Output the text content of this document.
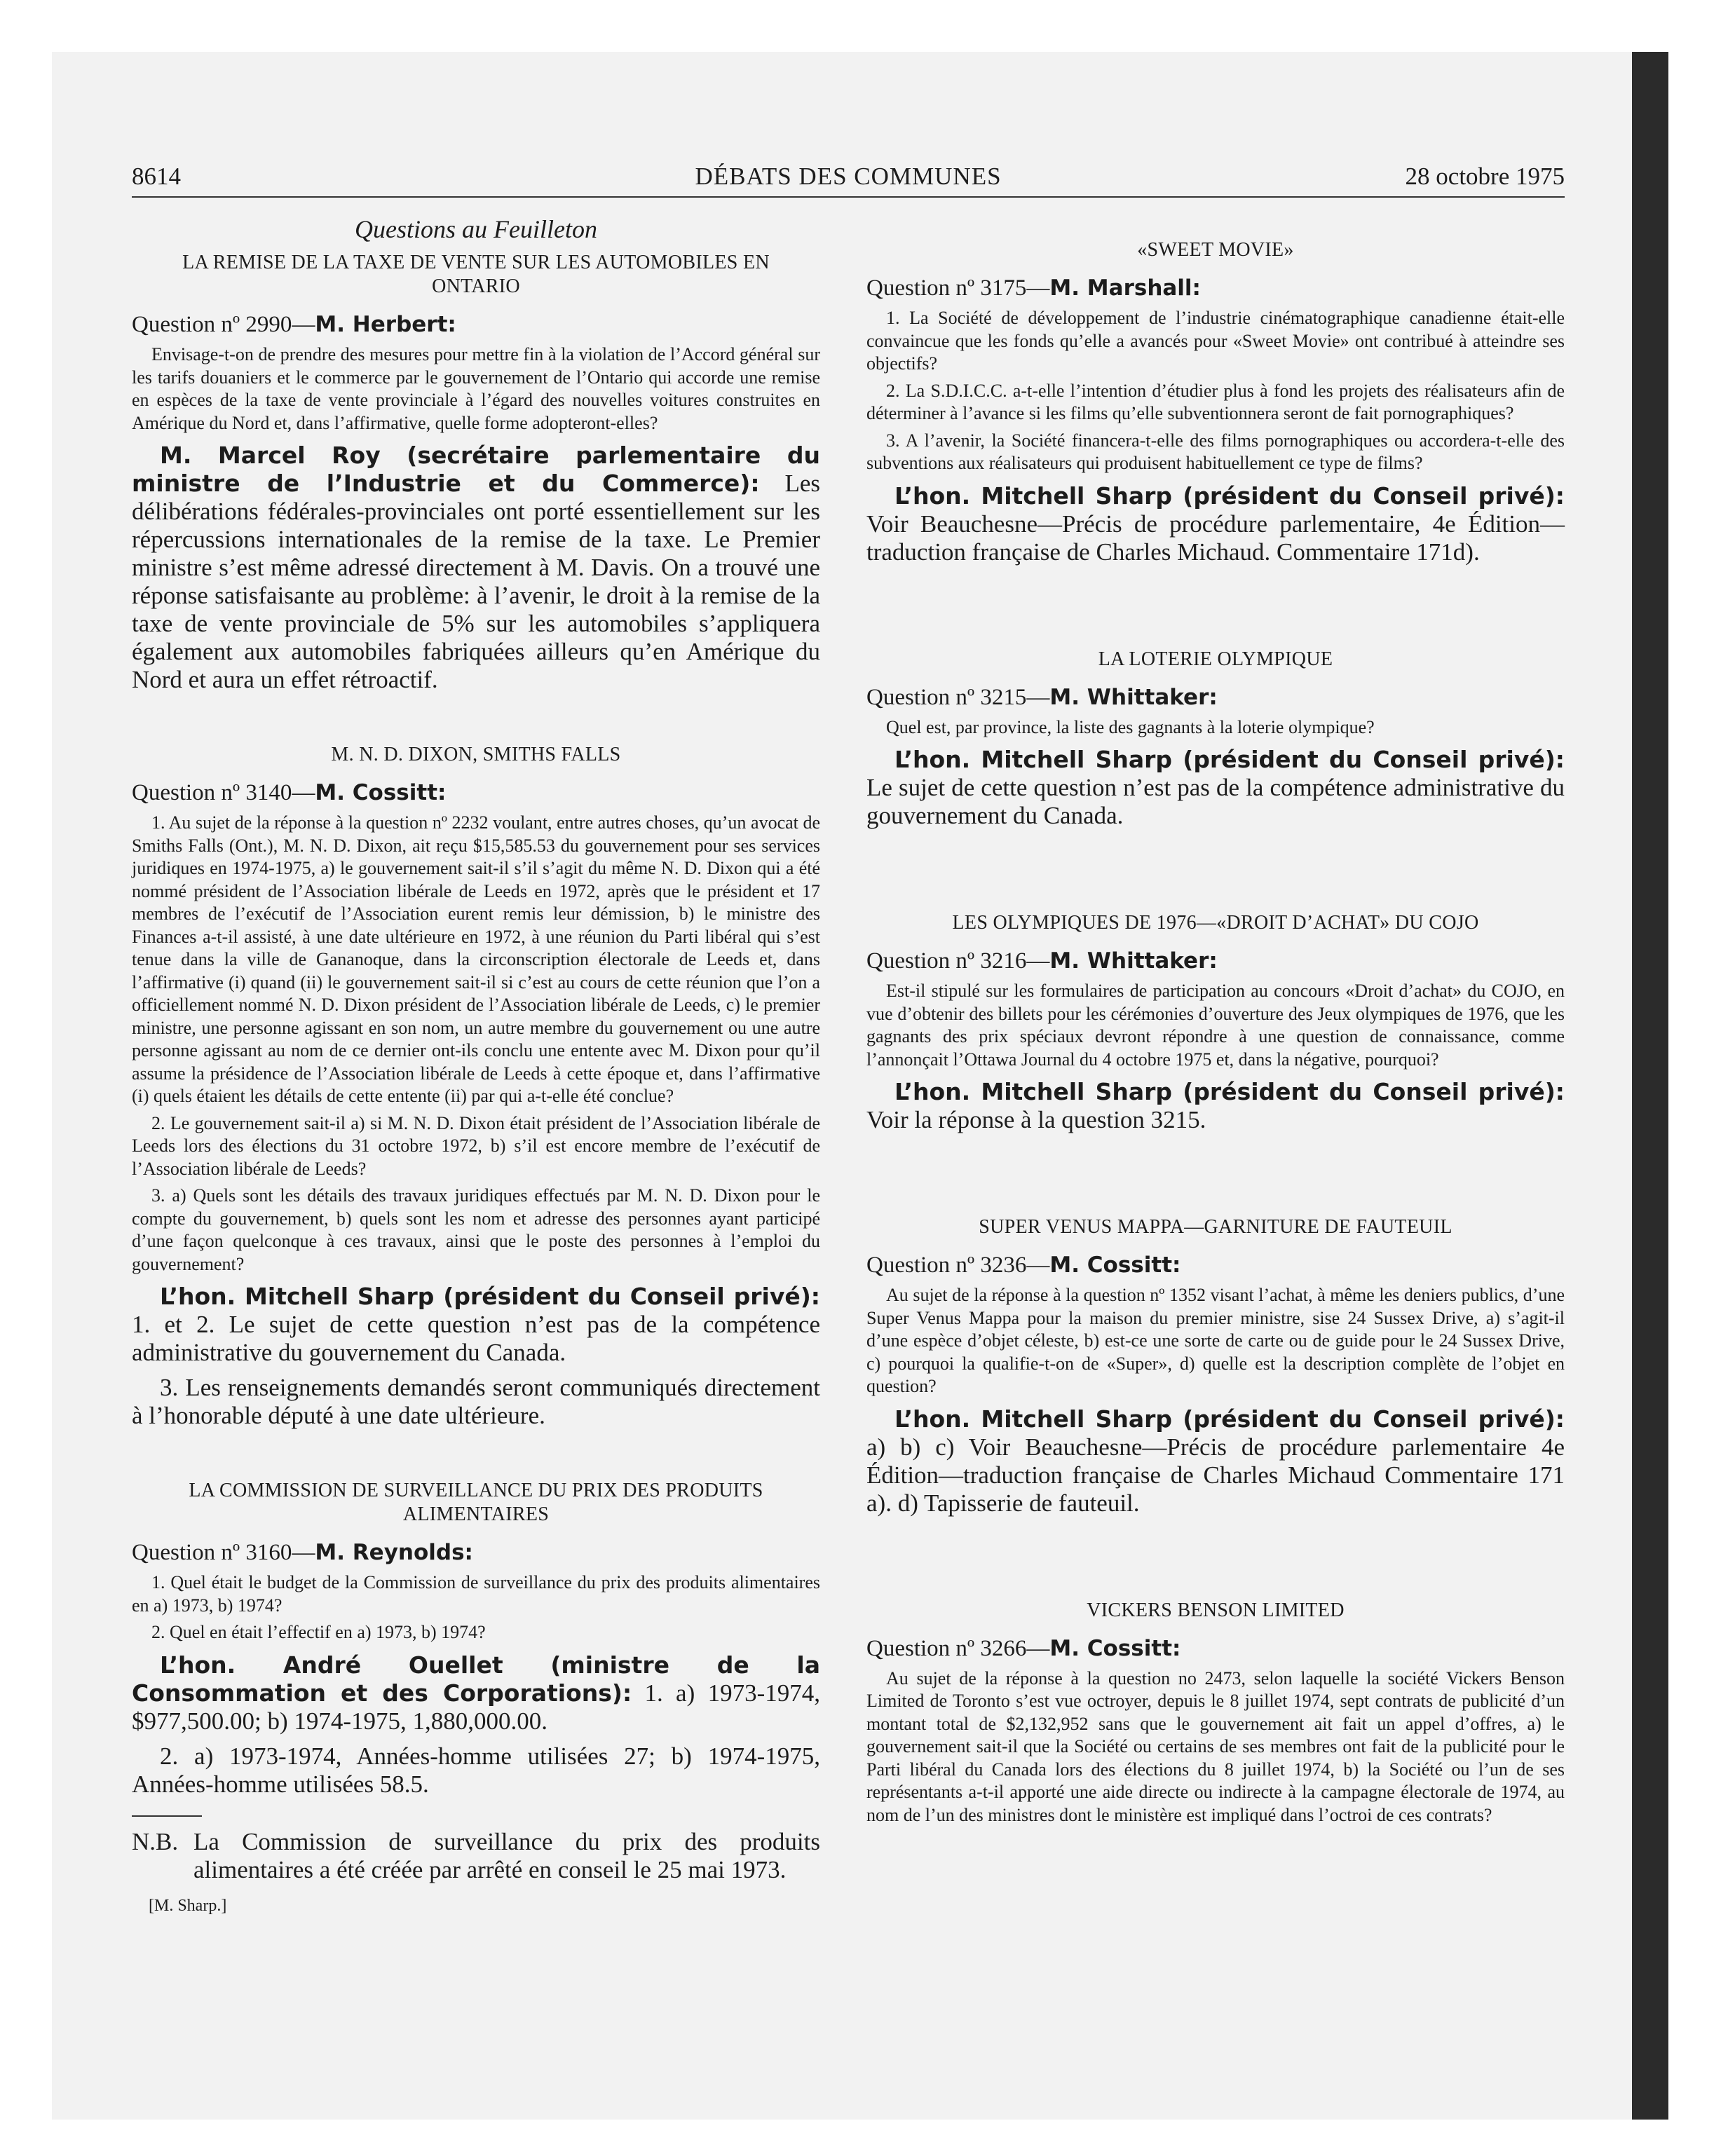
8614	DÉBATS DES COMMUNES	28 octobre 1975
Questions au Feuilleton
LA REMISE DE LA TAXE DE VENTE SUR LES AUTOMOBILES EN ONTARIO
Question nº 2990—M. Herbert:

Envisage-t-on de prendre des mesures pour mettre fin à la violation de l’Accord général sur les tarifs douaniers et le commerce par le gouvernement de l’Ontario qui accorde une remise en espèces de la taxe de vente provinciale à l’égard des nouvelles voitures construites en Amérique du Nord et, dans l’affirmative, quelle forme adopteront-elles?

M. Marcel Roy (secrétaire parlementaire du ministre de l’Industrie et du Commerce): Les délibérations fédérales-provinciales ont porté essentiellement sur les répercussions internationales de la remise de la taxe. Le Premier ministre s’est même adressé directement à M. Davis. On a trouvé une réponse satisfaisante au problème: à l’avenir, le droit à la remise de la taxe de vente provinciale de 5% sur les automobiles s’appliquera également aux automobiles fabriquées ailleurs qu’en Amérique du Nord et aura un effet rétroactif.

M. N. D. DIXON, SMITHS FALLS
Question nº 3140—M. Cossitt:

1. Au sujet de la réponse à la question nº 2232 voulant, entre autres choses, qu’un avocat de Smiths Falls (Ont.), M. N. D. Dixon, ait reçu $15,585.53 du gouvernement pour ses services juridiques en 1974-1975, a) le gouvernement sait-il s’il s’agit du même N. D. Dixon qui a été nommé président de l’Association libérale de Leeds en 1972, après que le président et 17 membres de l’exécutif de l’Association eurent remis leur démission, b) le ministre des Finances a-t-il assisté, à une date ultérieure en 1972, à une réunion du Parti libéral qui s’est tenue dans la ville de Gananoque, dans la circonscription électorale de Leeds et, dans l’affirmative (i) quand (ii) le gouvernement sait-il si c’est au cours de cette réunion que l’on a officiellement nommé N. D. Dixon président de l’Association libérale de Leeds, c) le premier ministre, une personne agissant en son nom, un autre membre du gouvernement ou une autre personne agissant au nom de ce dernier ont-ils conclu une entente avec M. Dixon pour qu’il assume la présidence de l’Association libérale de Leeds à cette époque et, dans l’affirmative (i) quels étaient les détails de cette entente (ii) par qui a-t-elle été conclue?

2. Le gouvernement sait-il a) si M. N. D. Dixon était président de l’Association libérale de Leeds lors des élections du 31 octobre 1972, b) s’il est encore membre de l’exécutif de l’Association libérale de Leeds?

3. a) Quels sont les détails des travaux juridiques effectués par M. N. D. Dixon pour le compte du gouvernement, b) quels sont les nom et adresse des personnes ayant participé d’une façon quelconque à ces travaux, ainsi que le poste des personnes à l’emploi du gouvernement?

L’hon. Mitchell Sharp (président du Conseil privé): 1. et 2. Le sujet de cette question n’est pas de la compétence administrative du gouvernement du Canada.

3. Les renseignements demandés seront communiqués directement à l’honorable député à une date ultérieure.

LA COMMISSION DE SURVEILLANCE DU PRIX DES PRODUITS ALIMENTAIRES
Question nº 3160—M. Reynolds:

1. Quel était le budget de la Commission de surveillance du prix des produits alimentaires en a) 1973, b) 1974?

2. Quel en était l’effectif en a) 1973, b) 1974?

L’hon. André Ouellet (ministre de la Consommation et des Corporations): 1. a) 1973-1974, $977,500.00; b) 1974-1975, 1,880,000.00.

2. a) 1973-1974, Années-homme utilisées 27; b) 1974-1975, Années-homme utilisées 58.5.

N.B. La Commission de surveillance du prix des produits alimentaires a été créée par arrêté en conseil le 25 mai 1973.
[M. Sharp.]
«SWEET MOVIE»
Question nº 3175—M. Marshall:

1. La Société de développement de l’industrie cinématographique canadienne était-elle convaincue que les fonds qu’elle a avancés pour «Sweet Movie» ont contribué à atteindre ses objectifs?

2. La S.D.I.C.C. a-t-elle l’intention d’étudier plus à fond les projets des réalisateurs afin de déterminer à l’avance si les films qu’elle subventionnera seront de fait pornographiques?

3. A l’avenir, la Société financera-t-elle des films pornographiques ou accordera-t-elle des subventions aux réalisateurs qui produisent habituellement ce type de films?

L’hon. Mitchell Sharp (président du Conseil privé): Voir Beauchesne—Précis de procédure parlementaire, 4e Édition—traduction française de Charles Michaud. Commentaire 171d).

LA LOTERIE OLYMPIQUE
Question nº 3215—M. Whittaker:

Quel est, par province, la liste des gagnants à la loterie olympique?

L’hon. Mitchell Sharp (président du Conseil privé): Le sujet de cette question n’est pas de la compétence administrative du gouvernement du Canada.

LES OLYMPIQUES DE 1976—«DROIT D’ACHAT» DU COJO
Question nº 3216—M. Whittaker:

Est-il stipulé sur les formulaires de participation au concours «Droit d’achat» du COJO, en vue d’obtenir des billets pour les cérémonies d’ouverture des Jeux olympiques de 1976, que les gagnants des prix spéciaux devront répondre à une question de connaissance, comme l’annonçait l’Ottawa Journal du 4 octobre 1975 et, dans la négative, pourquoi?

L’hon. Mitchell Sharp (président du Conseil privé): Voir la réponse à la question 3215.

SUPER VENUS MAPPA—GARNITURE DE FAUTEUIL
Question nº 3236—M. Cossitt:

Au sujet de la réponse à la question nº 1352 visant l’achat, à même les deniers publics, d’une Super Venus Mappa pour la maison du premier ministre, sise 24 Sussex Drive, a) s’agit-il d’une espèce d’objet céleste, b) est-ce une sorte de carte ou de guide pour le 24 Sussex Drive, c) pourquoi la qualifie-t-on de «Super», d) quelle est la description complète de l’objet en question?

L’hon. Mitchell Sharp (président du Conseil privé): a) b) c) Voir Beauchesne—Précis de procédure parlementaire 4e Édition—traduction française de Charles Michaud Commentaire 171 a). d) Tapisserie de fauteuil.

VICKERS BENSON LIMITED
Question nº 3266—M. Cossitt:

Au sujet de la réponse à la question no 2473, selon laquelle la société Vickers Benson Limited de Toronto s’est vue octroyer, depuis le 8 juillet 1974, sept contrats de publicité d’un montant total de $2,132,952 sans que le gouvernement ait fait un appel d’offres, a) le gouvernement sait-il que la Société ou certains de ses membres ont fait de la publicité pour le Parti libéral du Canada lors des élections du 8 juillet 1974, b) la Société ou l’un de ses représentants a-t-il apporté une aide directe ou indirecte à la campagne électorale de 1974, au nom de l’un des ministres dont le ministère est impliqué dans l’octroi de ces contrats?
